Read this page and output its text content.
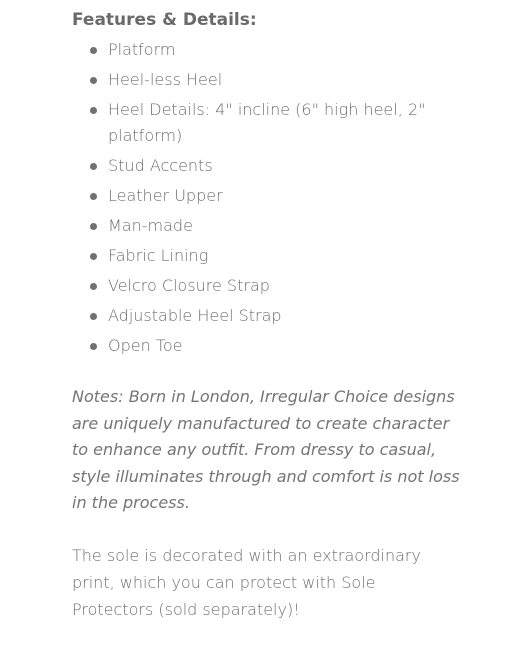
Features & Details:
Platform
Heel-less Heel
Heel Details: 4" incline (6" high heel, 2" platform)
Stud Accents
Leather Upper
Man-made
Fabric Lining
Velcro Closure Strap
Adjustable Heel Strap
Open Toe

Notes: Born in London, Irregular Choice designs are uniquely manufactured to create character to enhance any outfit. From dressy to casual, style illuminates through and comfort is not loss in the process.

The sole is decorated with an extraordinary print, which you can protect with Sole Protectors (sold separately)!
